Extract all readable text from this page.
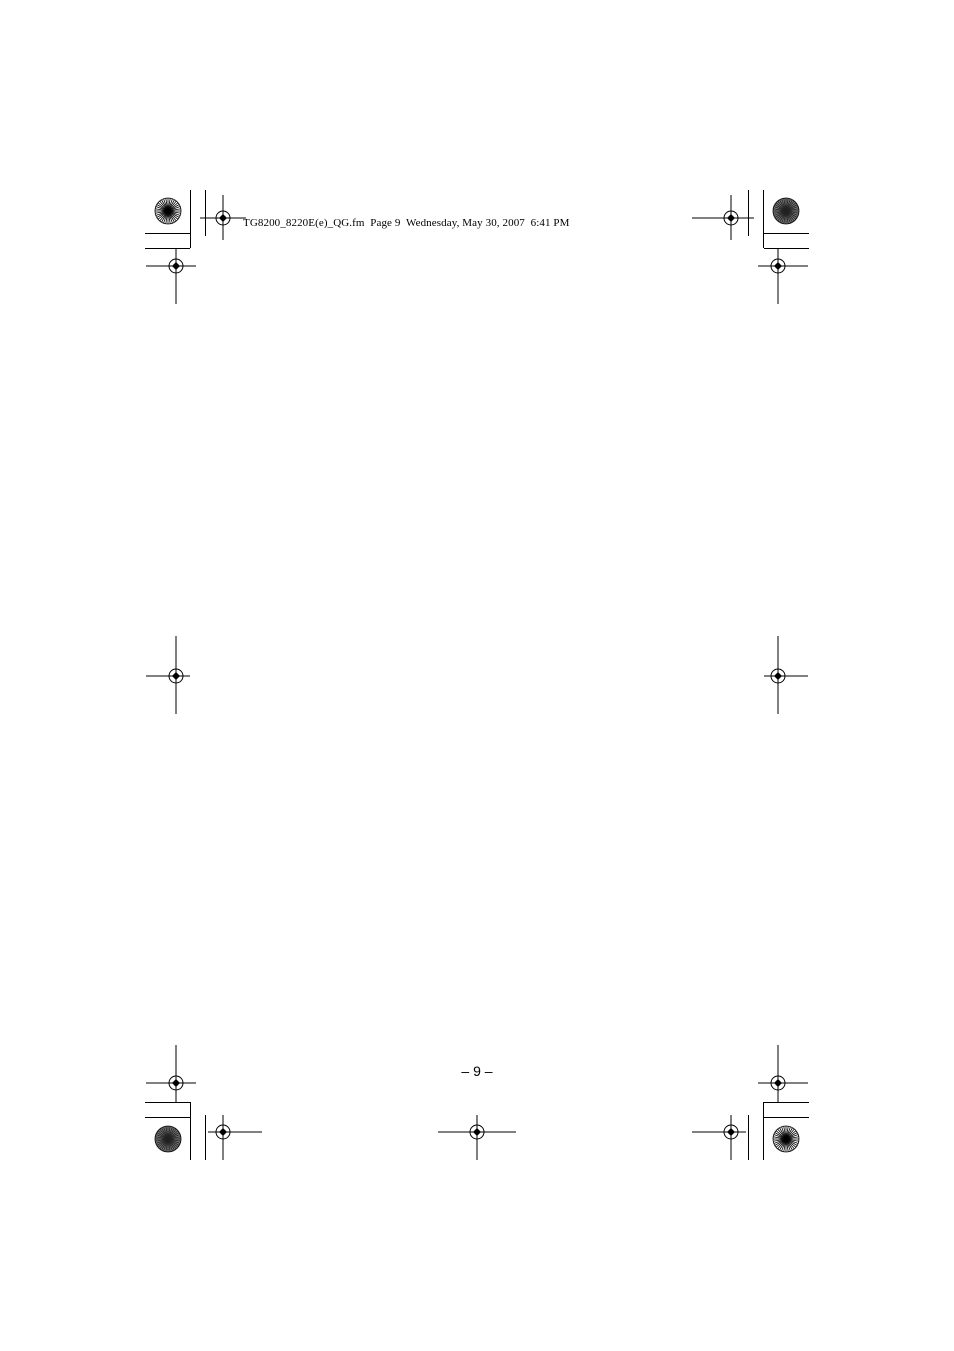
TG8200_8220E(e)_QG.fm  Page 9  Wednesday, May 30, 2007  6:41 PM
– 9 –
